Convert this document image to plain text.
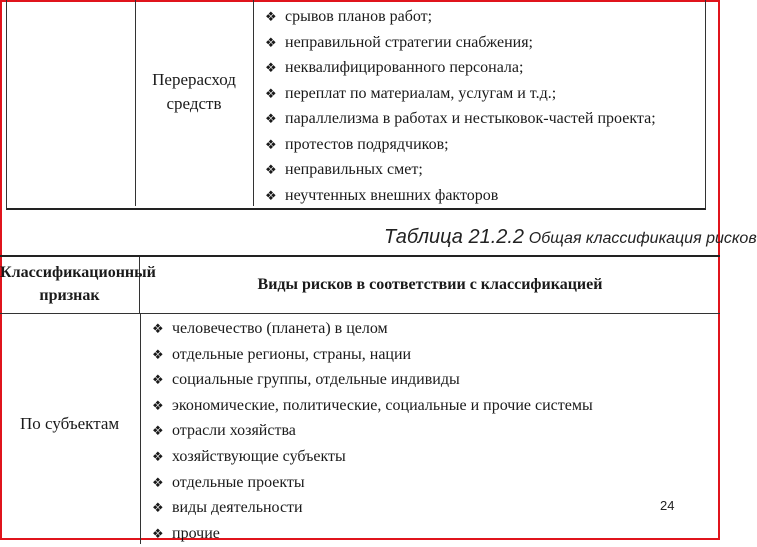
Перерасход средств
❖ срывов планов работ;
❖ неправильной стратегии снабжения;
❖ неквалифицированного персонала;
❖ переплат по материалам, услугам и т.д.;
❖ параллелизма в работах и нестыковок-частей проекта;
❖ протестов подрядчиков;
❖ неправильных смет;
❖ неучтенных внешних факторов
Таблица 21.2.2 Общая классификация рисков
Классификационный признак
Виды рисков в соответствии с классификацией
По субъектам
❖ человечество (планета) в целом
❖ отдельные регионы, страны, нации
❖ социальные группы, отдельные индивиды
❖ экономические, политические, социальные и прочие системы
❖ отрасли хозяйства
❖ хозяйствующие субъекты
❖ отдельные проекты
❖ виды деятельности
❖ прочие
24
